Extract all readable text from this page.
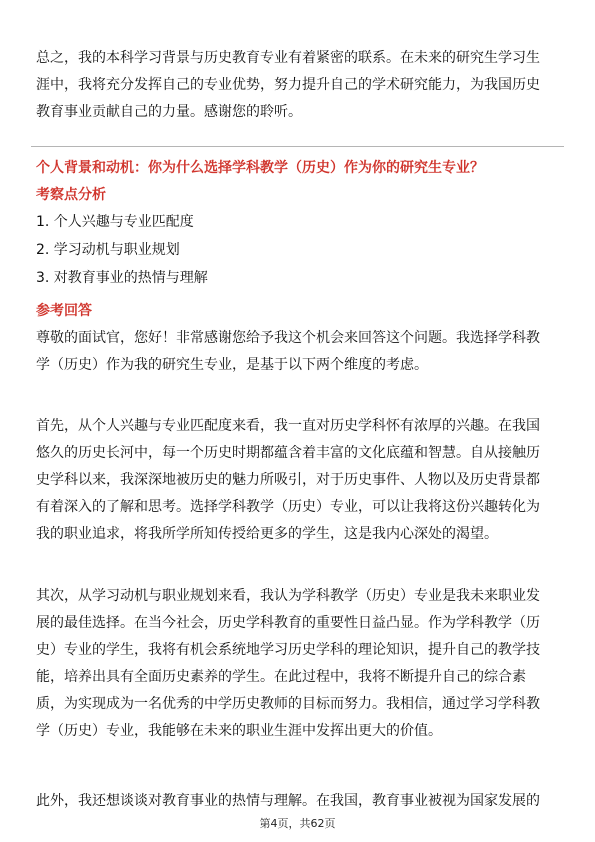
总之，我的本科学习背景与历史教育专业有着紧密的联系。在未来的研究生学习生
涯中，我将充分发挥自己的专业优势，努力提升自己的学术研究能力，为我国历史
教育事业贡献自己的力量。感谢您的聆听。
个人背景和动机：你为什么选择学科教学（历史）作为你的研究生专业？
考察点分析
1. 个人兴趣与专业匹配度
2. 学习动机与职业规划
3. 对教育事业的热情与理解
参考回答
尊敬的面试官，您好！非常感谢您给予我这个机会来回答这个问题。我选择学科教
学（历史）作为我的研究生专业，是基于以下两个维度的考虑。
首先，从个人兴趣与专业匹配度来看，我一直对历史学科怀有浓厚的兴趣。在我国
悠久的历史长河中，每一个历史时期都蕴含着丰富的文化底蕴和智慧。自从接触历
史学科以来，我深深地被历史的魅力所吸引，对于历史事件、人物以及历史背景都
有着深入的了解和思考。选择学科教学（历史）专业，可以让我将这份兴趣转化为
我的职业追求，将我所学所知传授给更多的学生，这是我内心深处的渴望。
其次，从学习动机与职业规划来看，我认为学科教学（历史）专业是我未来职业发
展的最佳选择。在当今社会，历史学科教育的重要性日益凸显。作为学科教学（历
史）专业的学生，我将有机会系统地学习历史学科的理论知识，提升自己的教学技
能，培养出具有全面历史素养的学生。在此过程中，我将不断提升自己的综合素
质，为实现成为一名优秀的中学历史教师的目标而努力。我相信，通过学习学科教
学（历史）专业，我能够在未来的职业生涯中发挥出更大的价值。
此外，我还想谈谈对教育事业的热情与理解。在我国，教育事业被视为国家发展的
第4页，共62页
